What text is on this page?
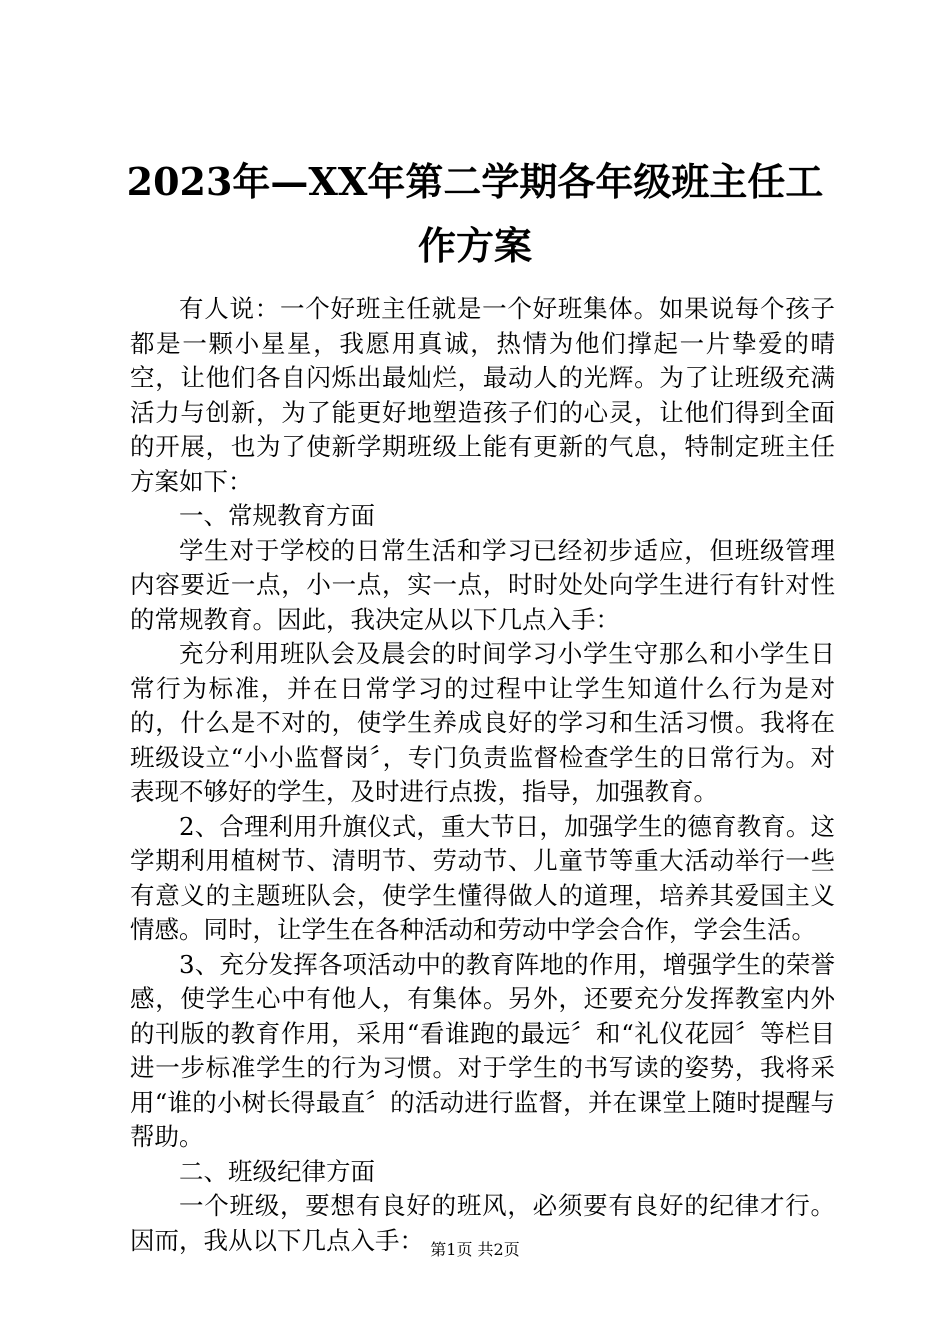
2023年—XX年第二学期各年级班主任工作方案

有人说：一个好班主任就是一个好班集体。如果说每个孩子都是一颗小星星，我愿用真诚，热情为他们撑起一片挚爱的晴空，让他们各自闪烁出最灿烂，最动人的光辉。为了让班级充满活力与创新，为了能更好地塑造孩子们的心灵，让他们得到全面的开展，也为了使新学期班级上能有更新的气息，特制定班主任方案如下：

一、常规教育方面

学生对于学校的日常生活和学习已经初步适应，但班级管理内容要近一点，小一点，实一点，时时处处向学生进行有针对性的常规教育。因此，我决定从以下几点入手：

充分利用班队会及晨会的时间学习小学生守那么和小学生日常行为标准，并在日常学习的过程中让学生知道什么行为是对的，什么是不对的，使学生养成良好的学习和生活习惯。我将在班级设立“小小监督岗〞，专门负责监督检查学生的日常行为。对表现不够好的学生，及时进行点拨，指导，加强教育。

2、合理利用升旗仪式，重大节日，加强学生的德育教育。这学期利用植树节、清明节、劳动节、儿童节等重大活动举行一些有意义的主题班队会，使学生懂得做人的道理，培养其爱国主义情感。同时，让学生在各种活动和劳动中学会合作，学会生活。

3、充分发挥各项活动中的教育阵地的作用，增强学生的荣誉感，使学生心中有他人，有集体。另外，还要充分发挥教室内外的刊版的教育作用，采用“看谁跑的最远〞和“礼仪花园〞等栏目进一步标准学生的行为习惯。对于学生的书写读的姿势，我将采用“谁的小树长得最直〞的活动进行监督，并在课堂上随时提醒与帮助。

二、班级纪律方面

一个班级，要想有良好的班风，必须要有良好的纪律才行。因而，我从以下几点入手： 第1页 共2页
